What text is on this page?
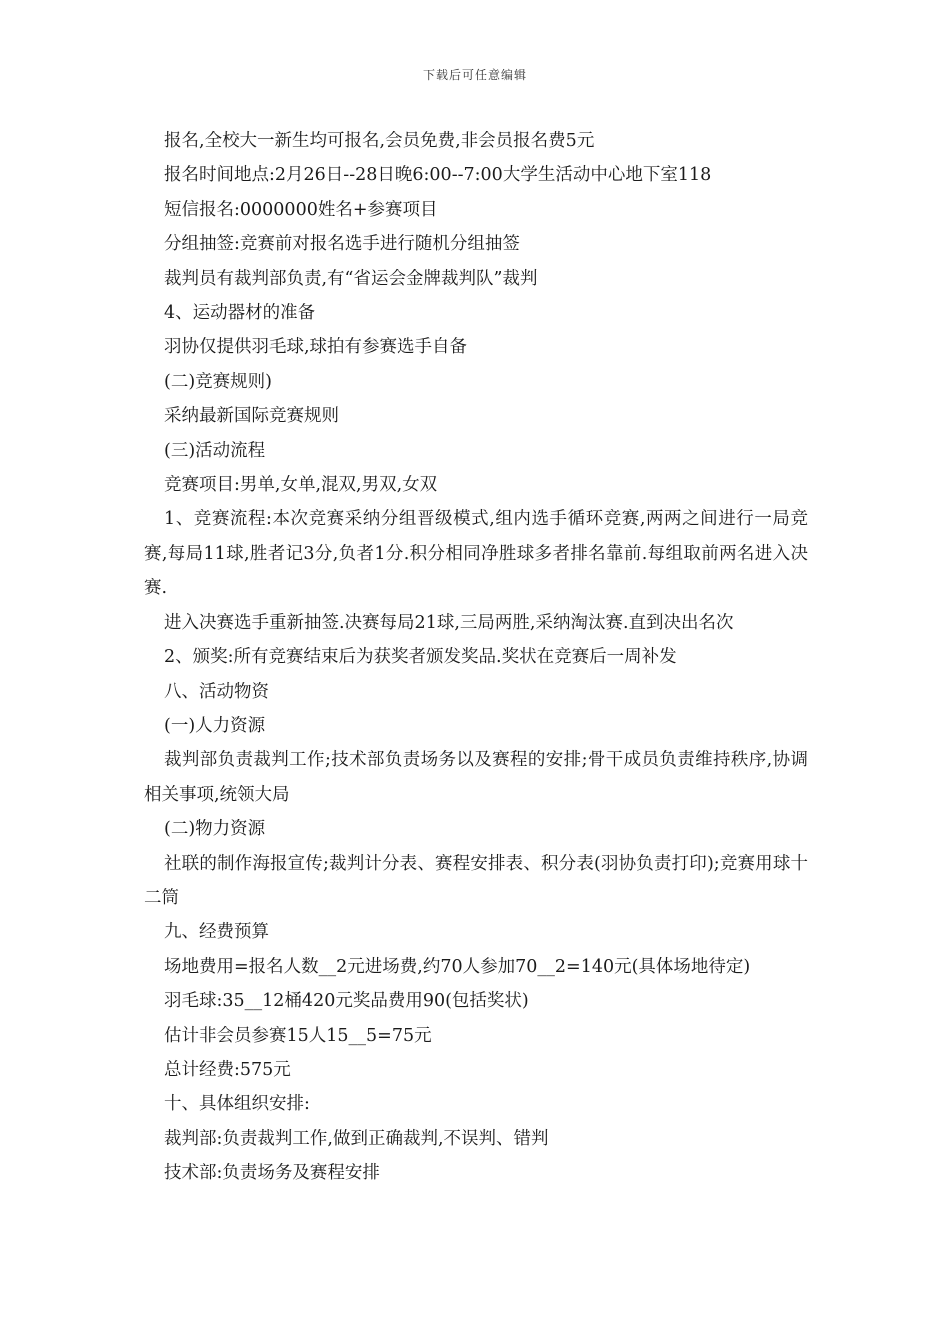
下载后可任意编辑

报名,全校大一新生均可报名,会员免费,非会员报名费5元

报名时间地点:2月26日--28日晚6:00--7:00大学生活动中心地下室118

短信报名:0000000姓名+参赛项目

分组抽签:竞赛前对报名选手进行随机分组抽签

裁判员有裁判部负责,有“省运会金牌裁判队”裁判

4、运动器材的准备

羽协仅提供羽毛球,球拍有参赛选手自备

(二)竞赛规则)

采纳最新国际竞赛规则

(三)活动流程

竞赛项目:男单,女单,混双,男双,女双

1、竞赛流程:本次竞赛采纳分组晋级模式,组内选手循环竞赛,两两之间进行一局竞赛,每局11球,胜者记3分,负者1分.积分相同净胜球多者排名靠前.每组取前两名进入决赛.

进入决赛选手重新抽签.决赛每局21球,三局两胜,采纳淘汰赛.直到决出名次

2、颁奖:所有竞赛结束后为获奖者颁发奖品.奖状在竞赛后一周补发

八、活动物资

(一)人力资源

裁判部负责裁判工作;技术部负责场务以及赛程的安排;骨干成员负责维持秩序,协调相关事项,统领大局

(二)物力资源

社联的制作海报宣传;裁判计分表、赛程安排表、积分表(羽协负责打印);竞赛用球十二筒

九、经费预算

场地费用=报名人数__2元进场费,约70人参加70__2=140元(具体场地待定)

羽毛球:35__12桶420元奖品费用90(包括奖状)

估计非会员参赛15人15__5=75元

总计经费:575元

十、具体组织安排:

裁判部:负责裁判工作,做到正确裁判,不误判、错判

技术部:负责场务及赛程安排
